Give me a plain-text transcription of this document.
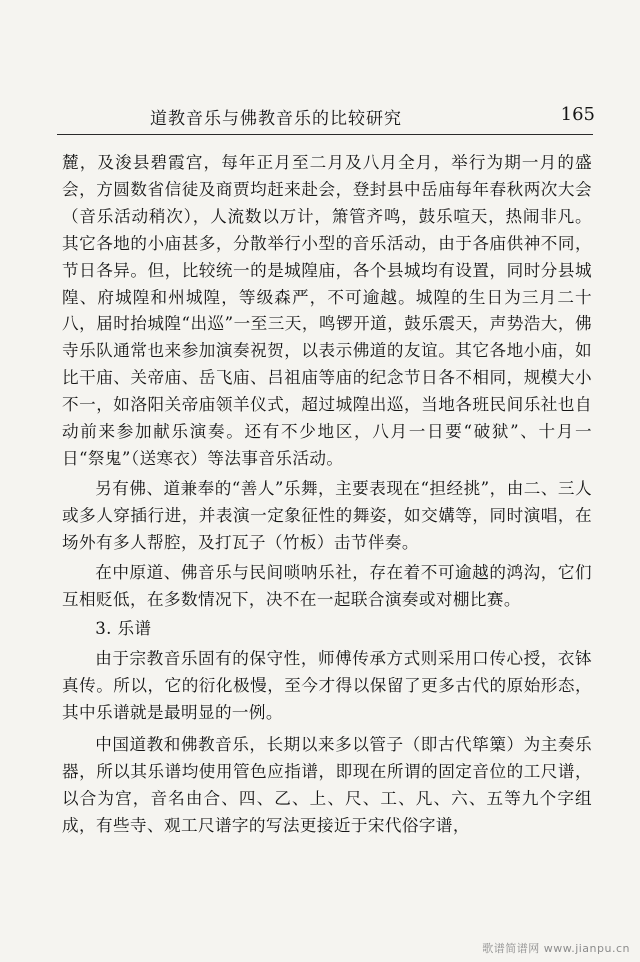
道教音乐与佛教音乐的比较研究	165

麓，及浚县碧霞宫，每年正月至二月及八月全月，举行为期一月的盛会，方圆数省信徒及商贾均赶来赴会，登封县中岳庙每年春秋两次大会（音乐活动稍次），人流数以万计，箫管齐鸣，鼓乐喧天，热闹非凡。其它各地的小庙甚多，分散举行小型的音乐活动，由于各庙供神不同，节日各异。但，比较统一的是城隍庙，各个县城均有设置，同时分县城隍、府城隍和州城隍，等级森严，不可逾越。城隍的生日为三月二十八，届时抬城隍“出巡”一至三天，鸣锣开道，鼓乐震天，声势浩大，佛寺乐队通常也来参加演奏祝贺，以表示佛道的友谊。其它各地小庙，如比干庙、关帝庙、岳飞庙、吕祖庙等庙的纪念节日各不相同，规模大小不一，如洛阳关帝庙领羊仪式，超过城隍出巡，当地各班民间乐社也自动前来参加献乐演奏。还有不少地区，八月一日要“破狱”、十月一日“祭鬼”（送寒衣）等法事音乐活动。

另有佛、道兼奉的“善人”乐舞，主要表现在“担经挑”，由二、三人或多人穿插行进，并表演一定象征性的舞姿，如交媾等，同时演唱，在场外有多人帮腔，及打瓦子（竹板）击节伴奏。

在中原道、佛音乐与民间唢呐乐社，存在着不可逾越的鸿沟，它们互相贬低，在多数情况下，决不在一起联合演奏或对棚比赛。

3. 乐谱

由于宗教音乐固有的保守性，师傅传承方式则采用口传心授，衣钵真传。所以，它的衍化极慢，至今才得以保留了更多古代的原始形态，其中乐谱就是最明显的一例。

中国道教和佛教音乐，长期以来多以管子（即古代筚篥）为主奏乐器，所以其乐谱均使用管色应指谱，即现在所谓的固定音位的工尺谱，以合为宫，音名由合、四、乙、上、尺、工、凡、六、五等九个字组成，有些寺、观工尺谱字的写法更接近于宋代俗字谱，

歌谱简谱网 www.jianpu.cn
